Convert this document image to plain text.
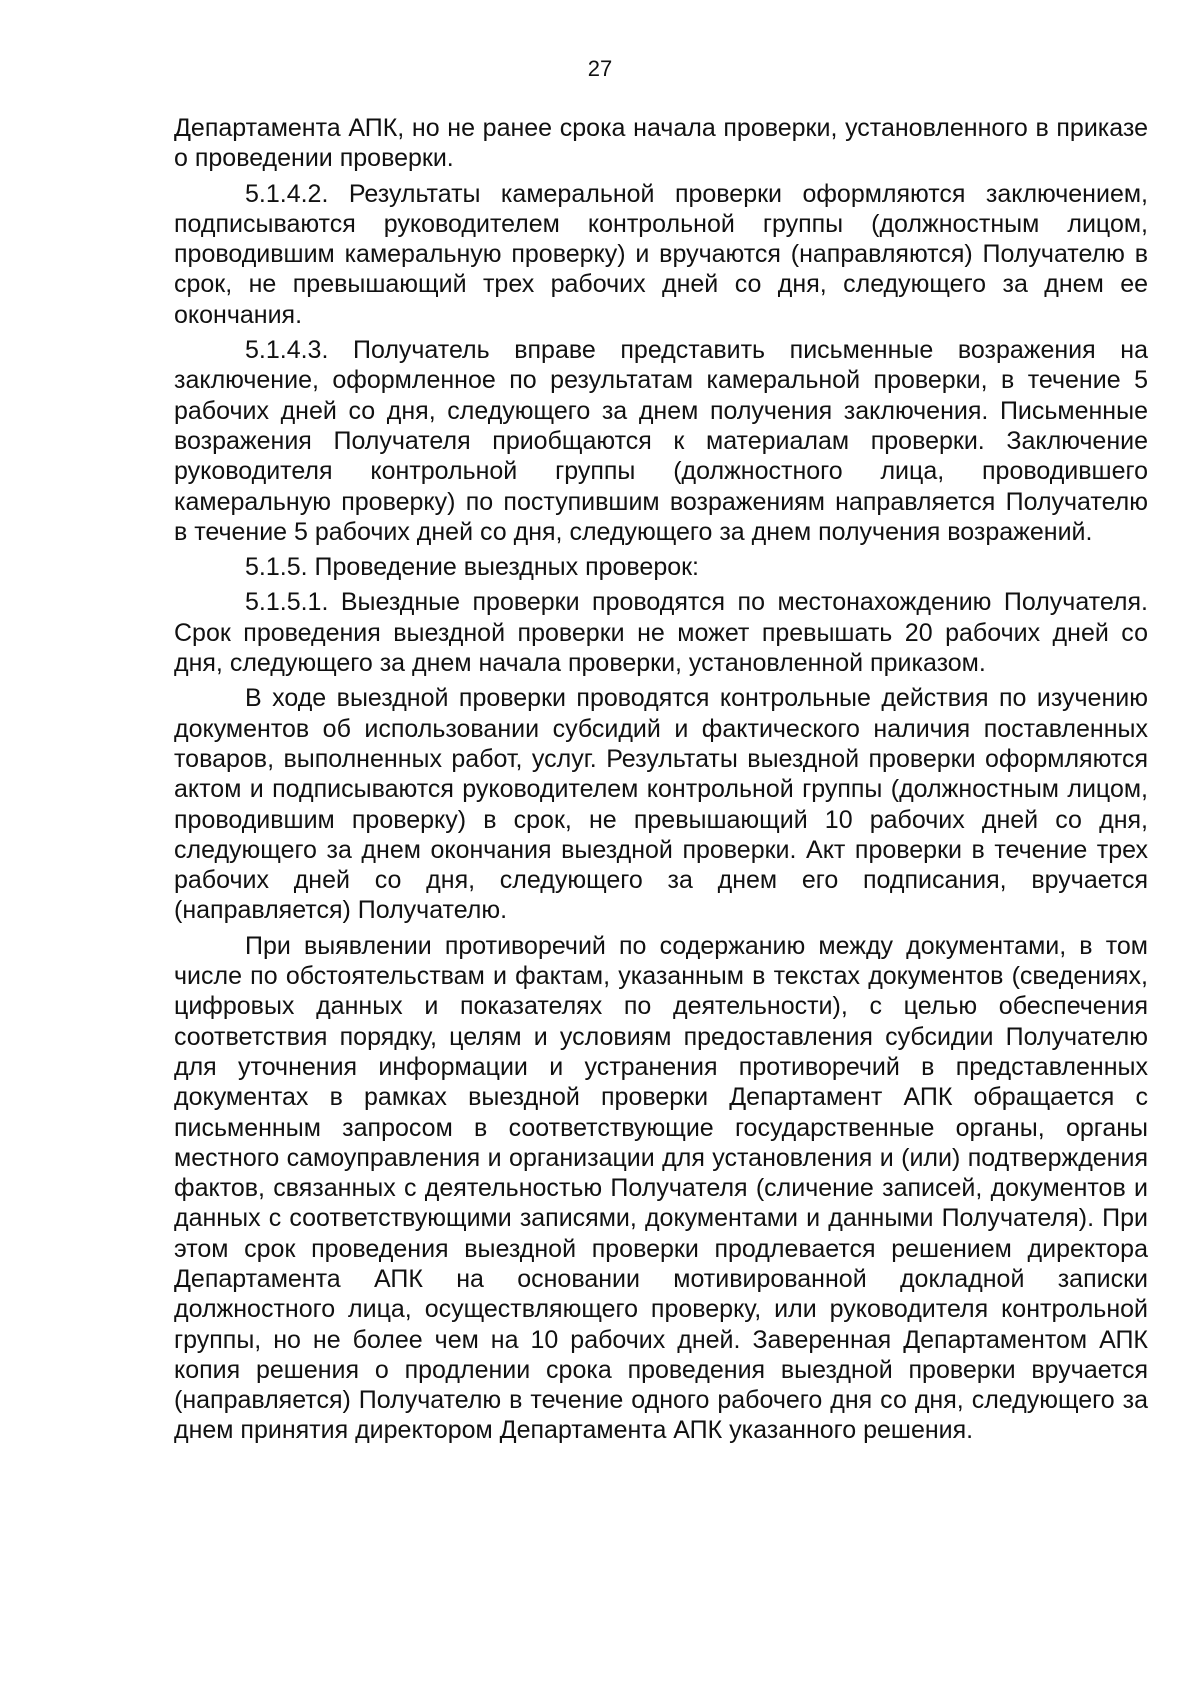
27

Департамента АПК, но не ранее срока начала проверки, установленного в приказе о проведении проверки.

5.1.4.2. Результаты камеральной проверки оформляются заключением, подписываются руководителем контрольной группы (должностным лицом, проводившим камеральную проверку) и вручаются (направляются) Получателю в срок, не превышающий трех рабочих дней со дня, следующего за днем ее окончания.

5.1.4.3. Получатель вправе представить письменные возражения на заключение, оформленное по результатам камеральной проверки, в течение 5 рабочих дней со дня, следующего за днем получения заключения. Письменные возражения Получателя приобщаются к материалам проверки. Заключение руководителя контрольной группы (должностного лица, проводившего камеральную проверку) по поступившим возражениям направляется Получателю в течение 5 рабочих дней со дня, следующего за днем получения возражений.

5.1.5. Проведение выездных проверок:

5.1.5.1. Выездные проверки проводятся по местонахождению Получателя. Срок проведения выездной проверки не может превышать 20 рабочих дней со дня, следующего за днем начала проверки, установленной приказом.

В ходе выездной проверки проводятся контрольные действия по изучению документов об использовании субсидий и фактического наличия поставленных товаров, выполненных работ, услуг. Результаты выездной проверки оформляются актом и подписываются руководителем контрольной группы (должностным лицом, проводившим проверку) в срок, не превышающий 10 рабочих дней со дня, следующего за днем окончания выездной проверки. Акт проверки в течение трех рабочих дней со дня, следующего за днем его подписания, вручается (направляется) Получателю.

При выявлении противоречий по содержанию между документами, в том числе по обстоятельствам и фактам, указанным в текстах документов (сведениях, цифровых данных и показателях по деятельности), с целью обеспечения соответствия порядку, целям и условиям предоставления субсидии Получателю для уточнения информации и устранения противоречий в представленных документах в рамках выездной проверки Департамент АПК обращается с письменным запросом в соответствующие государственные органы, органы местного самоуправления и организации для установления и (или) подтверждения фактов, связанных с деятельностью Получателя (сличение записей, документов и данных с соответствующими записями, документами и данными Получателя). При этом срок проведения выездной проверки продлевается решением директора Департамента АПК на основании мотивированной докладной записки должностного лица, осуществляющего проверку, или руководителя контрольной группы, но не более чем на 10 рабочих дней. Заверенная Департаментом АПК копия решения о продлении срока проведения выездной проверки вручается (направляется) Получателю в течение одного рабочего дня со дня, следующего за днем принятия директором Департамента АПК указанного решения.
